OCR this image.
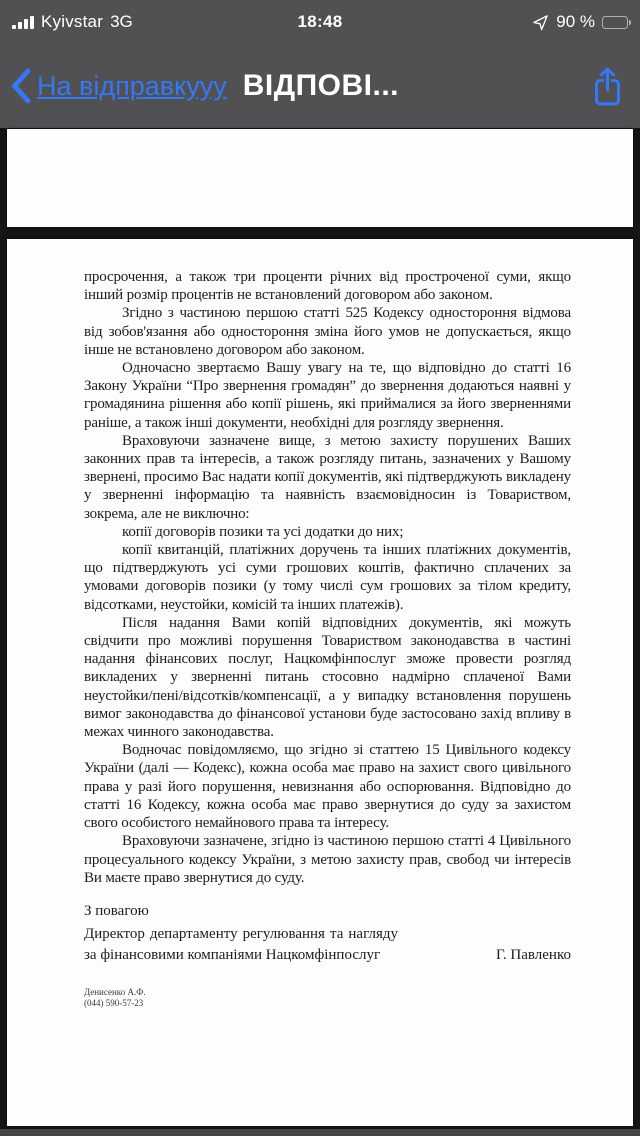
Kyivstar 3G	18:48	90 %
На відправкууу ВІДПОВІ...

просрочення, а також три проценти річних від простроченої суми, якщо інший розмір процентів не встановлений договором або законом.

Згідно з частиною першою статті 525 Кодексу одностороння відмова від зобов'язання або одностороння зміна його умов не допускається, якщо інше не встановлено договором або законом.

Одночасно звертаємо Вашу увагу на те, що відповідно до статті 16 Закону України “Про звернення громадян” до звернення додаються наявні у громадянина рішення або копії рішень, які приймалися за його зверненнями раніше, а також інші документи, необхідні для розгляду звернення.

Враховуючи зазначене вище, з метою захисту порушених Ваших законних прав та інтересів, а також розгляду питань, зазначених у Вашому звернені, просимо Вас надати копії документів, які підтверджують викладену у зверненні інформацію та наявність взаємовідносин із Товариством, зокрема, але не виключно:

копії договорів позики та усі додатки до них;

копії квитанцій, платіжних доручень та інших платіжних документів, що підтверджують усі суми грошових коштів, фактично сплачених за умовами договорів позики (у тому числі сум грошових за тілом кредиту, відсотками, неустойки, комісій та інших платежів).

Після надання Вами копій відповідних документів, які можуть свідчити про можливі порушення Товариством законодавства в частині надання фінансових послуг, Нацкомфінпослуг зможе провести розгляд викладених у зверненні питань стосовно надмірно сплаченої Вами неустойки/пені/відсотків/компенсації, а у випадку встановлення порушень вимог законодавства до фінансової установи буде застосовано захід впливу в межах чинного законодавства.

Водночас повідомляємо, що згідно зі статтею 15 Цивільного кодексу України (далі — Кодекс), кожна особа має право на захист свого цивільного права у разі його порушення, невизнання або оспорювання. Відповідно до статті 16 Кодексу, кожна особа має право звернутися до суду за захистом свого особистого немайнового права та інтересу.

Враховуючи зазначене, згідно із частиною першою статті 4 Цивільного процесуального кодексу України, з метою захисту прав, свобод чи інтересів Ви маєте право звернутися до суду.

З повагою
Директор департаменту регулювання та нагляду за фінансовими компаніями Нацкомфінпослуг	Г. Павленко
Денисенко А.Ф.
(044) 590-57-23
